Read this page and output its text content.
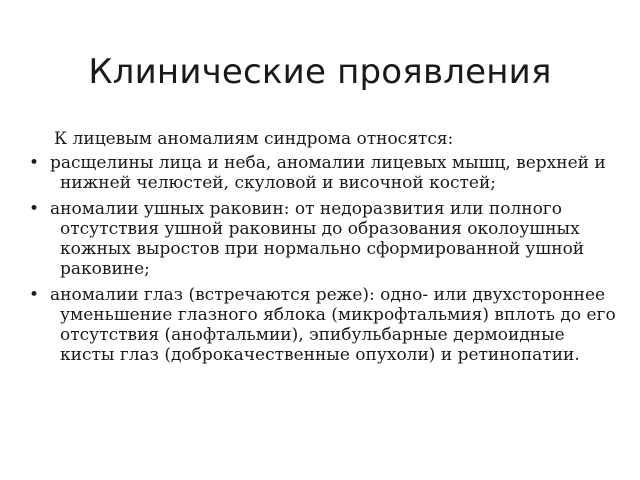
Клинические проявления

К лицевым аномалиям синдрома относятся:

• расщелины лица и неба, аномалии лицевых мышц, верхней и нижней челюстей, скуловой и височной костей;
• аномалии ушных раковин: от недоразвития или полного отсутствия ушной раковины до образования околоушных кожных выростов при нормально сформированной ушной раковине;
• аномалии глаз (встречаются реже): одно- или двухстороннее уменьшение глазного яблока (микрофтальмия) вплоть до его отсутствия (анофтальмии), эпибульбарные дермоидные кисты глаз (доброкачественные опухоли) и ретинопатии.
